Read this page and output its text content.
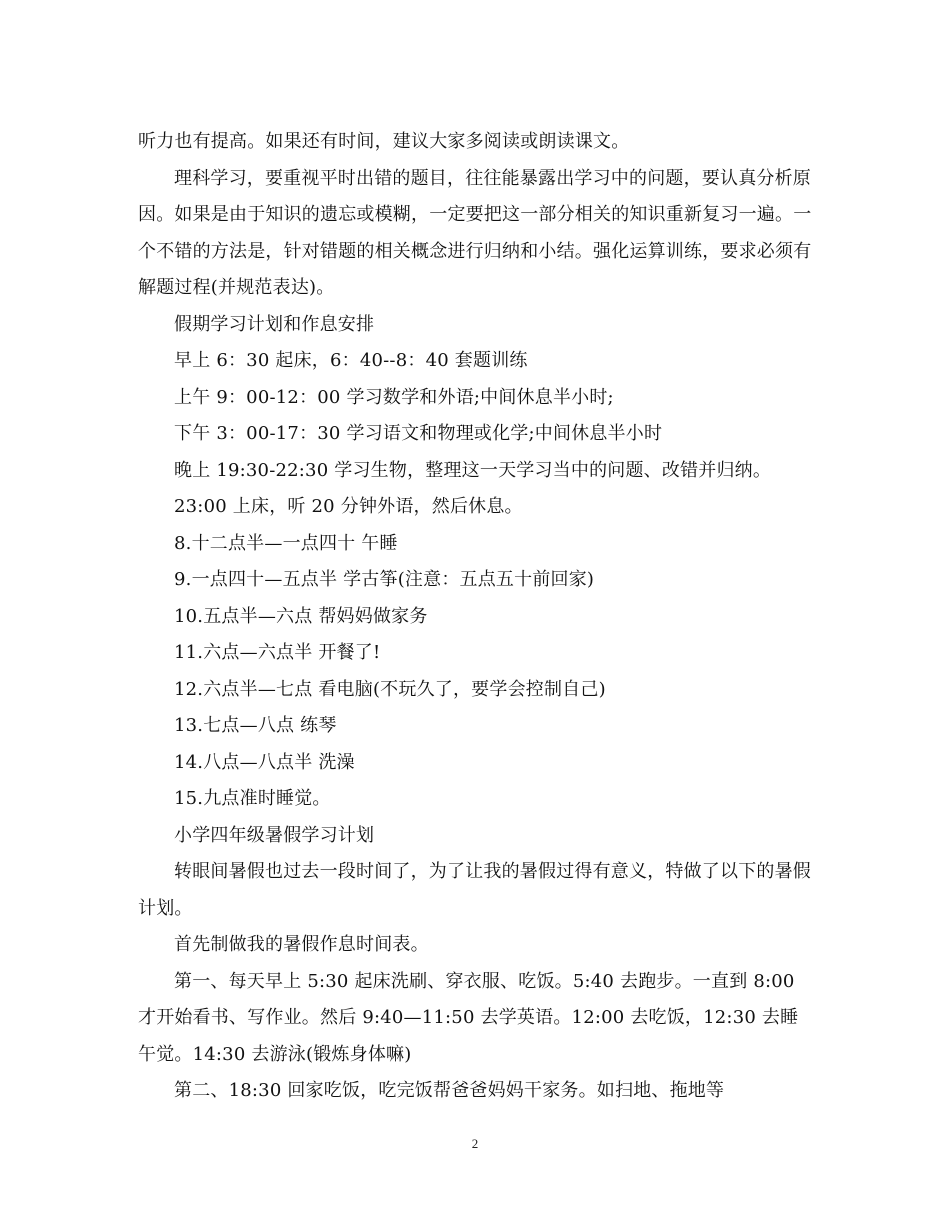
听力也有提高。如果还有时间，建议大家多阅读或朗读课文。

理科学习，要重视平时出错的题目，往往能暴露出学习中的问题，要认真分析原因。如果是由于知识的遗忘或模糊，一定要把这一部分相关的知识重新复习一遍。一个不错的方法是，针对错题的相关概念进行归纳和小结。强化运算训练，要求必须有解题过程(并规范表达)。

假期学习计划和作息安排

早上 6：30 起床，6：40--8：40 套题训练

上午 9：00-12：00 学习数学和外语;中间休息半小时;

下午 3：00-17：30 学习语文和物理或化学;中间休息半小时

晚上 19:30-22:30 学习生物，整理这一天学习当中的问题、改错并归纳。

23:00 上床，听 20 分钟外语，然后休息。

8.十二点半—一点四十 午睡

9.一点四十—五点半 学古筝(注意：五点五十前回家)

10.五点半—六点 帮妈妈做家务

11.六点—六点半 开餐了!

12.六点半—七点 看电脑(不玩久了，要学会控制自己)

13.七点—八点 练琴

14.八点—八点半 洗澡

15.九点准时睡觉。

小学四年级暑假学习计划

转眼间暑假也过去一段时间了，为了让我的暑假过得有意义，特做了以下的暑假计划。

首先制做我的暑假作息时间表。

第一、每天早上 5:30 起床洗刷、穿衣服、吃饭。5:40 去跑步。一直到 8:00 才开始看书、写作业。然后 9:40—11:50 去学英语。12:00 去吃饭，12:30 去睡午觉。14:30 去游泳(锻炼身体嘛)

第二、18:30 回家吃饭，吃完饭帮爸爸妈妈干家务。如扫地、拖地等

2
